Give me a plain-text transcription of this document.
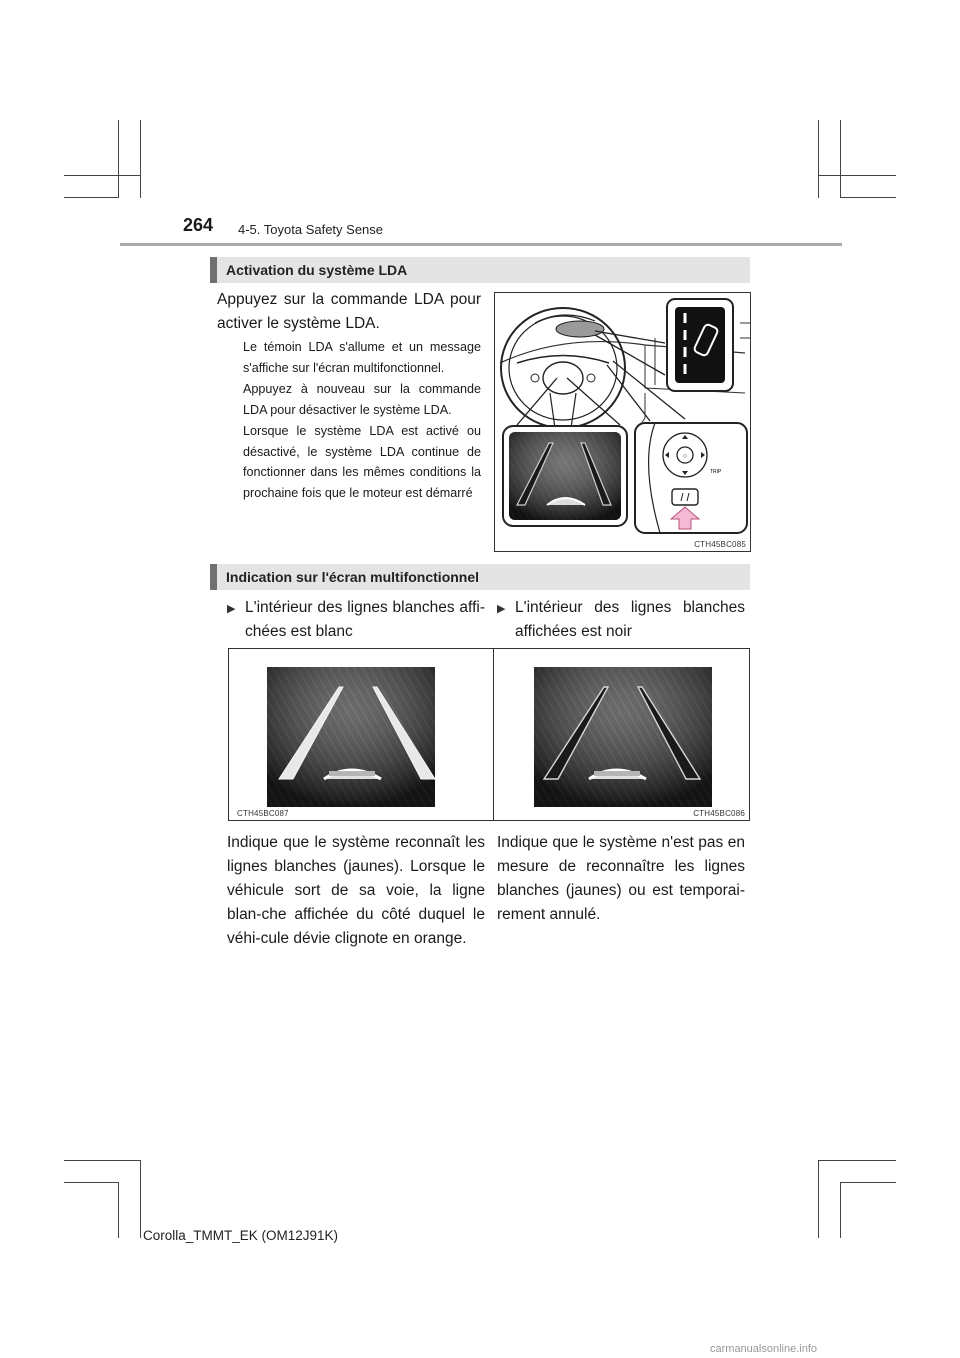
264 4-5. Toyota Safety Sense
Activation du système LDA
Appuyez sur la commande LDA pour activer le système LDA.
Le témoin LDA s'allume et un message s'affiche sur l'écran multifonctionnel.
Appuyez à nouveau sur la commande LDA pour désactiver le système LDA.
Lorsque le système LDA est activé ou désactivé, le système LDA continue de fonctionner dans les mêmes conditions la prochaine fois que le moteur est démarré
○
TRIP
CTH45BC085
Indication sur l'écran multifonctionnel
▶ L'intérieur des lignes blanches affi-chées est blanc
▶ L'intérieur des lignes blanches affichées est noir
CTH45BC087	CTH45BC086
Indique que le système reconnaît les lignes blanches (jaunes). Lorsque le véhicule sort de sa voie, la ligne blan-che affichée du côté duquel le véhi-cule dévie clignote en orange.
Indique que le système n'est pas en mesure de reconnaître les lignes blanches (jaunes) ou est temporai-rement annulé.
Corolla_TMMT_EK (OM12J91K)
carmanualsonline.info
